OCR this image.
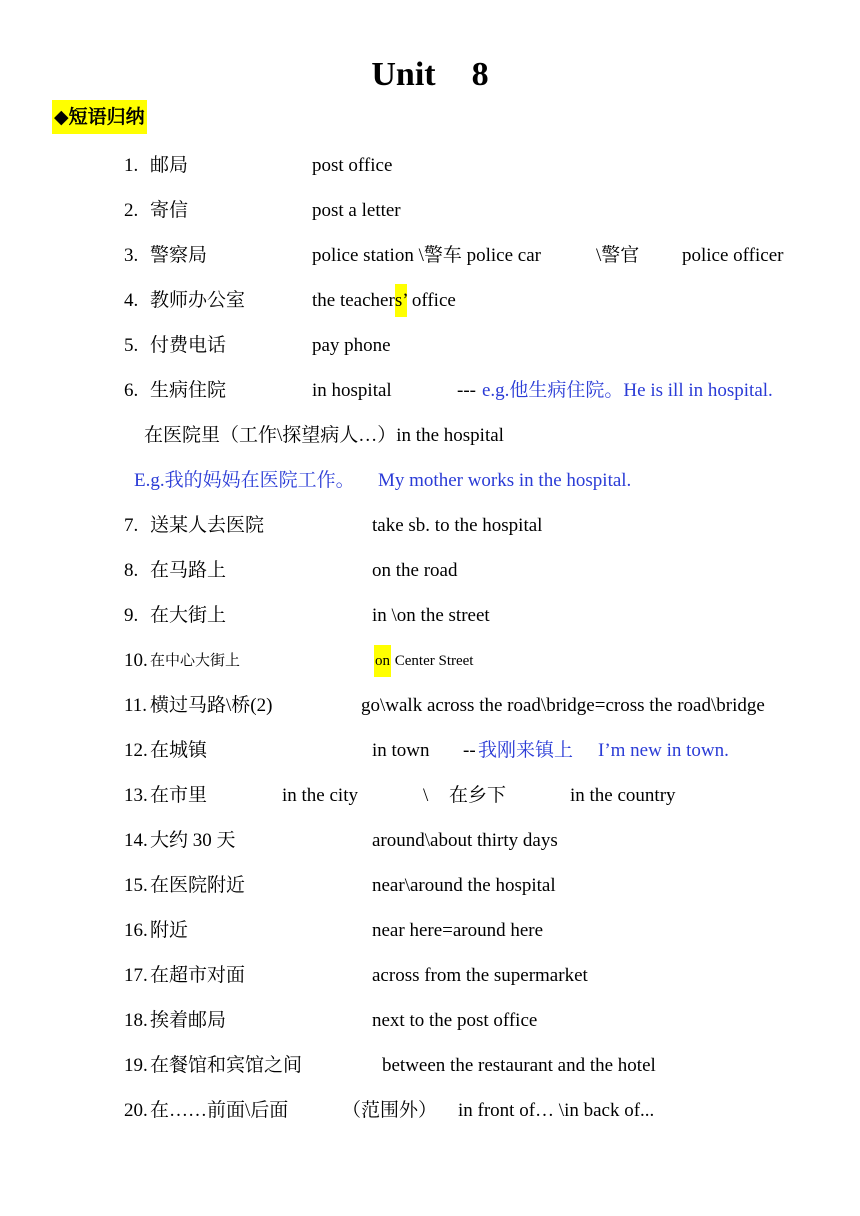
Unit 8
◆短语归纳
1. 邮局	post office
2. 寄信	post a letter
3. 警察局	police station \警车 police car	\警官 police officer
4. 教师办公室	the teachers’ office
5. 付费电话	pay phone
6. 生病住院	in hospital	--- e.g.他生病住院。He is ill in hospital.
在医院里（工作\探望病人…）in the hospital
E.g.我的妈妈在医院工作。 My mother works in the hospital.
7. 送某人去医院	take sb. to the hospital
8. 在马路上	on the road
9. 在大街上	in \on the street
10. 在中心大街上	on Center Street
11. 横过马路\桥(2)	go\walk across the road\bridge=cross the road\bridge
12. 在城镇	in town -- 我刚来镇上 I’m new in town.
13. 在市里	in the city	\ 在乡下	in the country
14. 大约 30 天	around\about thirty days
15. 在医院附近	near\around the hospital
16. 附近	near here=around here
17. 在超市对面	across from the supermarket
18. 挨着邮局	next to the post office
19. 在餐馆和宾馆之间	between the restaurant and the hotel
20. 在……前面\后面	（范围外） in front of… \in back of...
